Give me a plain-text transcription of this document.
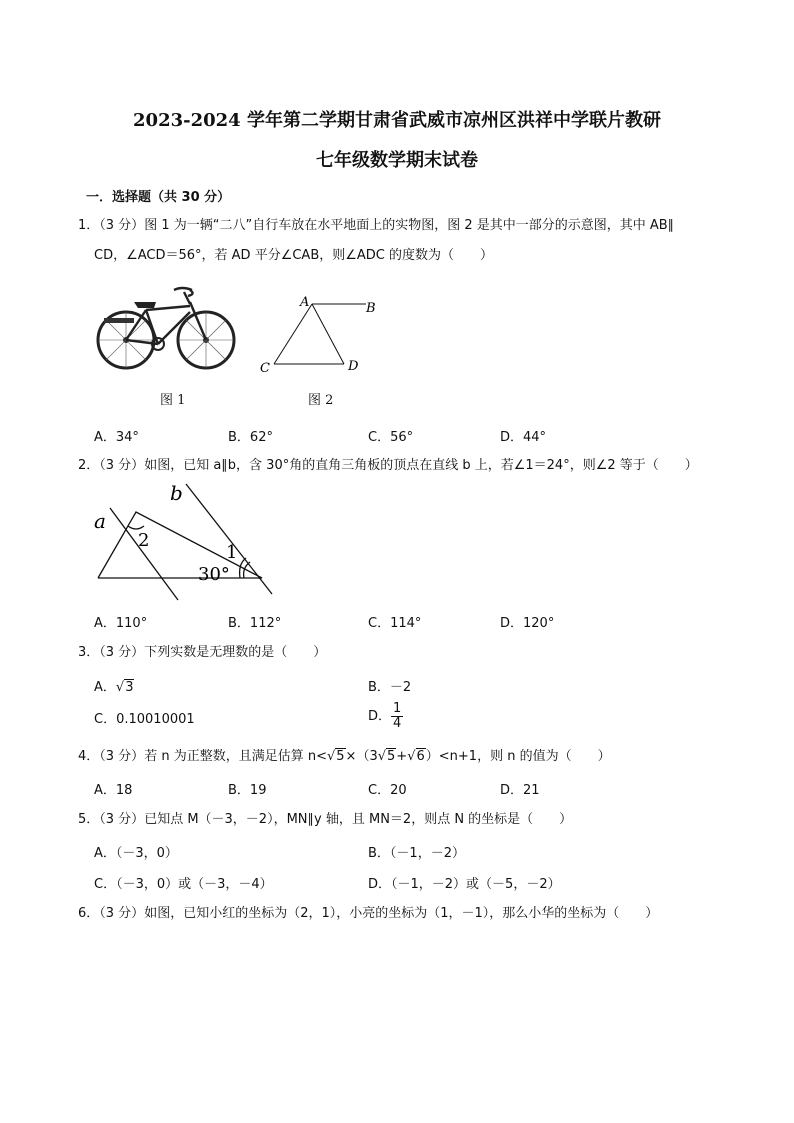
2023-2024 学年第二学期甘肃省武威市凉州区洪祥中学联片教研
七年级数学期末试卷
一．选择题（共 30 分）
1．（3 分）图 1 为一辆“二八”自行车放在水平地面上的实物图，图 2 是其中一部分的示意图，其中 AB∥
CD，∠ACD＝56°，若 AD 平分∠CAB，则∠ADC 的度数为（　　）
图 1
A	B
C	D
图 2
A．34°	B．62°	C．56°	D．44°
2．（3 分）如图，已知 a∥b，含 30°角的直角三角板的顶点在直线 b 上，若∠1＝24°，则∠2 等于（　　）
a
b
2
1
30°
A．110°	B．112°	C．114°	D．120°
3．（3 分）下列实数是无理数的是（　　）
A．√3	B．－2
C．0.10010001	D． $\frac{1}{4}$
4．（3 分）若 n 为正整数，且满足估算 n<√5×（3√5+√6）<n+1，则 n 的值为（　　）
A．18	B．19	C．20	D．21
5．（3 分）已知点 M（－3，－2），MN∥y 轴，且 MN＝2，则点 N 的坐标是（　　）
A．（－3，0）	B．（－1，－2）
C．（－3，0）或（－3，－4）	D．（－1，－2）或（－5，－2）
6．（3 分）如图，已知小红的坐标为（2，1），小亮的坐标为（1，－1），那么小华的坐标为（　　）
